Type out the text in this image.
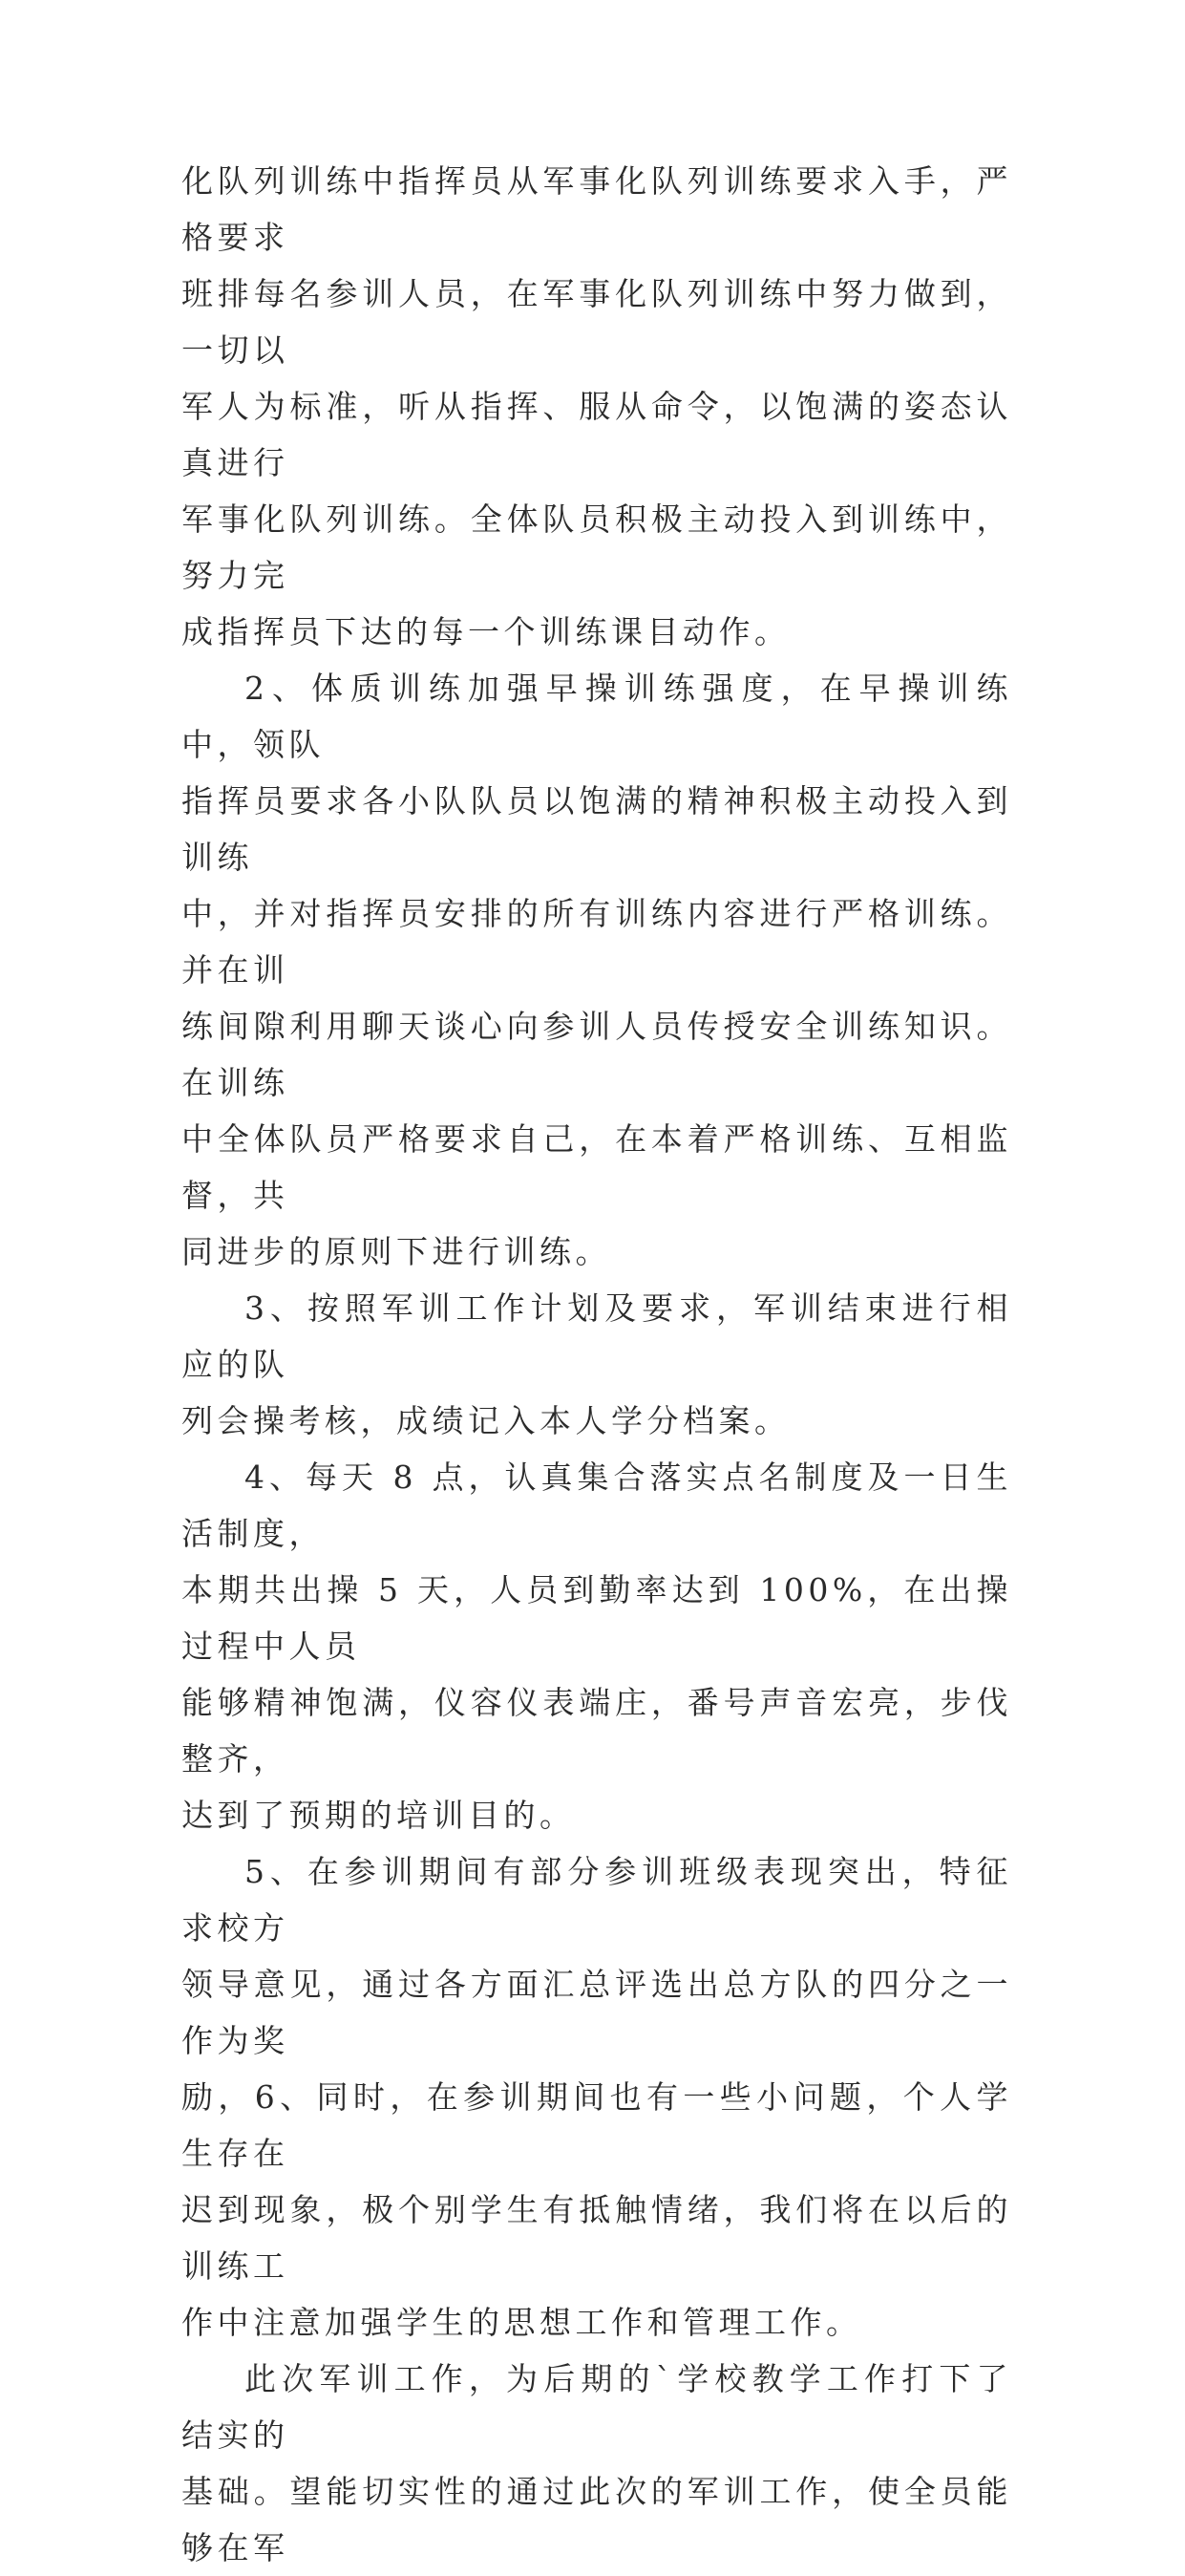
化队列训练中指挥员从军事化队列训练要求入手，严格要求
班排每名参训人员，在军事化队列训练中努力做到，一切以
军人为标准，听从指挥、服从命令，以饱满的姿态认真进行
军事化队列训练。全体队员积极主动投入到训练中，努力完
成指挥员下达的每一个训练课目动作。
2、体质训练加强早操训练强度，在早操训练中，领队
指挥员要求各小队队员以饱满的精神积极主动投入到训练
中，并对指挥员安排的所有训练内容进行严格训练。并在训
练间隙利用聊天谈心向参训人员传授安全训练知识。在训练
中全体队员严格要求自己，在本着严格训练、互相监督，共
同进步的原则下进行训练。
3、按照军训工作计划及要求，军训结束进行相应的队
列会操考核，成绩记入本人学分档案。
4、每天 8 点，认真集合落实点名制度及一日生活制度，
本期共出操 5 天，人员到勤率达到 100%，在出操过程中人员
能够精神饱满，仪容仪表端庄，番号声音宏亮，步伐整齐，
达到了预期的培训目的。
5、在参训期间有部分参训班级表现突出，特征求校方
领导意见，通过各方面汇总评选出总方队的四分之一作为奖
励，6、同时，在参训期间也有一些小问题，个人学生存在
迟到现象，极个别学生有抵触情绪，我们将在以后的训练工
作中注意加强学生的思想工作和管理工作。
此次军训工作，为后期的`学校教学工作打下了结实的
基础。望能切实性的通过此次的军训工作，使全员能够在军
